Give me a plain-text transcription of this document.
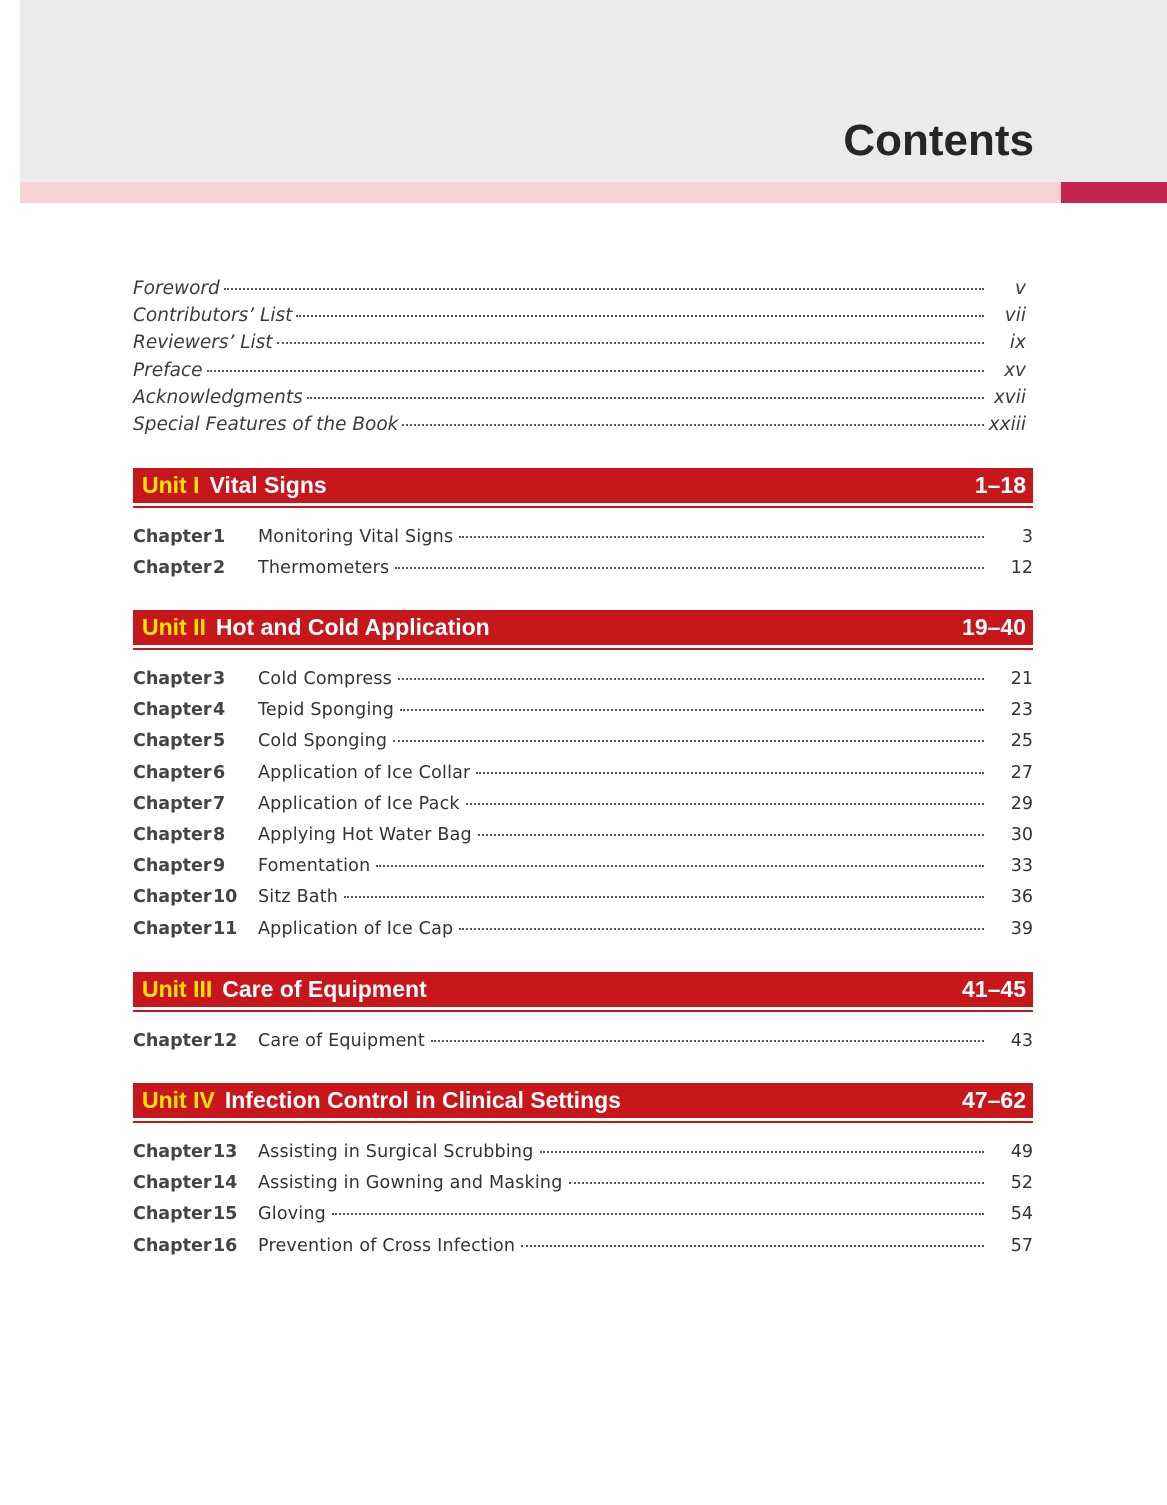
Contents
Foreword	v
Contributors’ List	vii
Reviewers’ List	ix
Preface	xv
Acknowledgments	xvii
Special Features of the Book	xxiii
Unit I Vital Signs	1–18
Chapter 1	Monitoring Vital Signs	3
Chapter 2	Thermometers	12
Unit II Hot and Cold Application	19–40
Chapter 3	Cold Compress	21
Chapter 4	Tepid Sponging	23
Chapter 5	Cold Sponging	25
Chapter 6	Application of Ice Collar	27
Chapter 7	Application of Ice Pack	29
Chapter 8	Applying Hot Water Bag	30
Chapter 9	Fomentation	33
Chapter 10	Sitz Bath	36
Chapter 11	Application of Ice Cap	39
Unit III Care of Equipment	41–45
Chapter 12	Care of Equipment	43
Unit IV Infection Control in Clinical Settings	47–62
Chapter 13	Assisting in Surgical Scrubbing	49
Chapter 14	Assisting in Gowning and Masking	52
Chapter 15	Gloving	54
Chapter 16	Prevention of Cross Infection	57
